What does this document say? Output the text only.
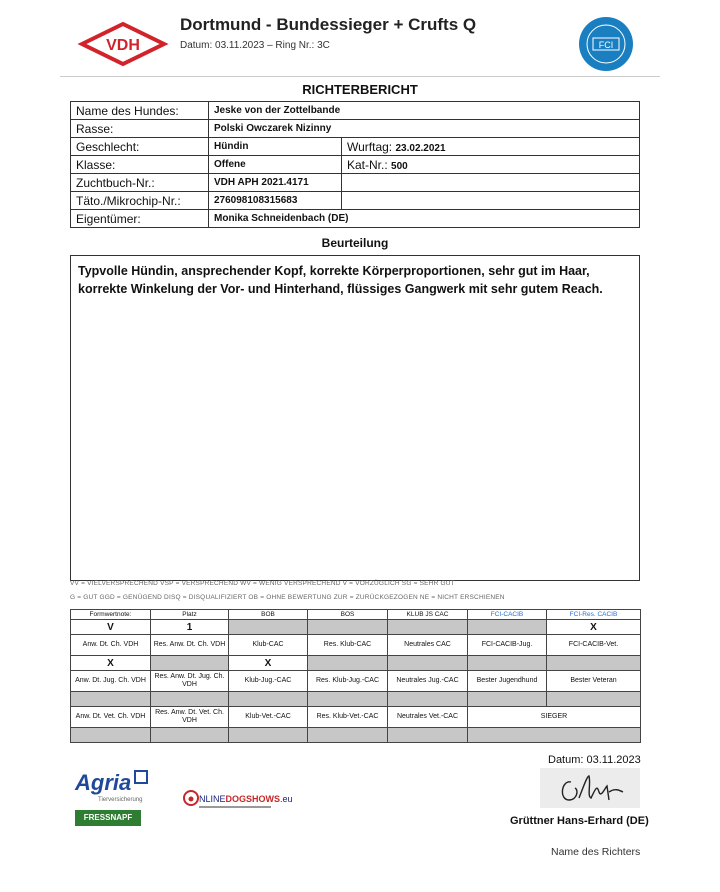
VDH
Dortmund - Bundessieger + Crufts Q
Datum: 03.11.2023 – Ring Nr.: 3C	FCI
RICHTERBERICHT
Name des Hundes:	Jeske von der Zottelbande	
Rasse:	Polski Owczarek Nizinny	
Geschlecht:	Hündin	Wurftag: 23.02.2021
Klasse:	Offene	Kat-Nr.: 500
Zuchtbuch-Nr.:	VDH APH 2021.4171	
Täto./Mikrochip-Nr.:	276098108315683	
Eigentümer:	Monika Schneidenbach (DE)	
Beurteilung
Typvolle Hündin, ansprechender Kopf, korrekte Körperproportionen, sehr gut im Haar, korrekte Winkelung der Vor- und Hinterhand, flüssiges Gangwerk mit sehr gutem Reach.
VV = VIELVERSPRECHEND VSP = VERSPRECHEND WV = WENIG VERSPRECHEND V = VORZÜGLICH SG = SEHR GUT
G = GUT GGD = GENÜGEND DISQ = DISQUALIFIZIERT OB = OHNE BEWERTUNG ZUR = ZURÜCKGEZOGEN NE = NICHT ERSCHIENEN
Formwertnote:	Platz	BOB	BOS	KLUB JS CAC	FCI-CACIB	FCI-Res. CACIB
V	1					X
Anw. Dt. Ch. VDH	Res. Anw. Dt. Ch. VDH	Klub-CAC	Res. Klub-CAC	Neutrales CAC	FCI-CACIB-Jug.	FCI-CACIB-Vet.
X		X				
Anw. Dt. Jug. Ch. VDH	Res. Anw. Dt. Jug. Ch. VDH	Klub-Jug.-CAC	Res. Klub-Jug.-CAC	Neutrales Jug.-CAC	Bester Jugendhund	Bester Veteran

Anw. Dt. Vet. Ch. VDH	Res. Anw. Dt. Vet. Ch. VDH	Klub-Vet.-CAC	Res. Klub-Vet.-CAC	Neutrales Vet.-CAC	SIEGER	

Datum: 03.11.2023
Grüttner Hans-Erhard (DE)
Name des Richters
Agria
Tierversicherung
FRESSNAPF
NLINEDOGSHOWS.eu
